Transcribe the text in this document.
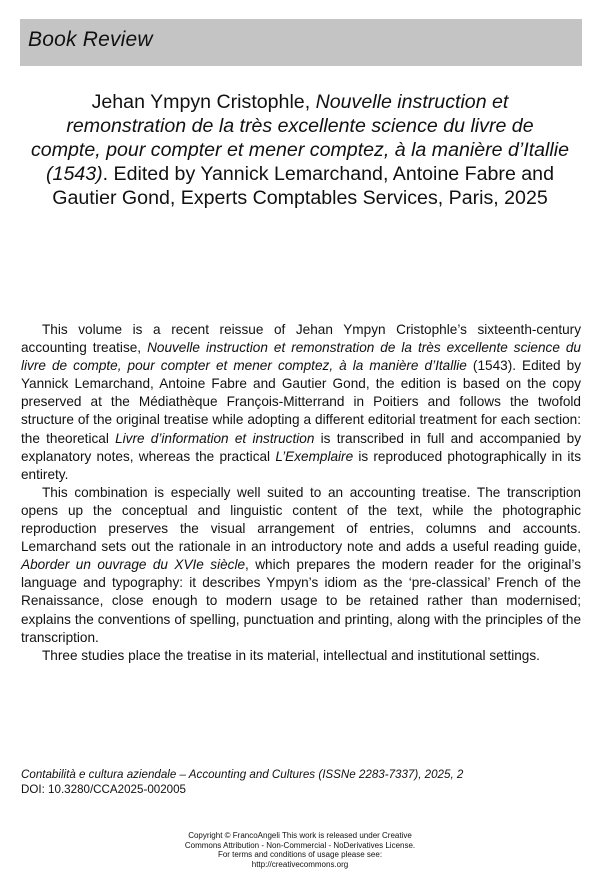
Book Review
Jehan Ympyn Cristophle, Nouvelle instruction et remonstration de la très excellente science du livre de compte, pour compter et mener comptez, à la manière d’Itallie (1543). Edited by Yannick Lemarchand, Antoine Fabre and Gautier Gond, Experts Comptables Services, Paris, 2025

This volume is a recent reissue of Jehan Ympyn Cristophle’s sixteenth-century accounting treatise, Nouvelle instruction et remonstration de la très excellente science du livre de compte, pour compter et mener comptez, à la manière d’Itallie (1543). Edited by Yannick Lemarchand, Antoine Fabre and Gautier Gond, the edition is based on the copy preserved at the Médiathèque François-Mitterrand in Poitiers and follows the twofold structure of the original treatise while adopting a different editorial treatment for each section: the theoretical Livre d’information et instruction is transcribed in full and accompanied by explanatory notes, whereas the practical L’Exemplaire is reproduced photographically in its entirety.

This combination is especially well suited to an accounting treatise. The transcription opens up the conceptual and linguistic content of the text, while the photographic reproduction preserves the visual arrangement of entries, columns and accounts. Lemarchand sets out the rationale in an introductory note and adds a useful reading guide, Aborder un ouvrage du XVIe siècle, which prepares the modern reader for the original’s language and typography: it describes Ympyn’s idiom as the ‘pre-classical’ French of the Renaissance, close enough to modern usage to be retained rather than modernised; explains the conventions of spelling, punctuation and printing, along with the principles of the transcription.

Three studies place the treatise in its material, intellectual and institutional settings.

Contabilità e cultura aziendale – Accounting and Cultures (ISSNe 2283-7337), 2025, 2
DOI: 10.3280/CCA2025-002005
Copyright © FrancoAngeli This work is released under Creative
Commons Attribution - Non-Commercial - NoDerivatives License.
For terms and conditions of usage please see:
http://creativecommons.org
